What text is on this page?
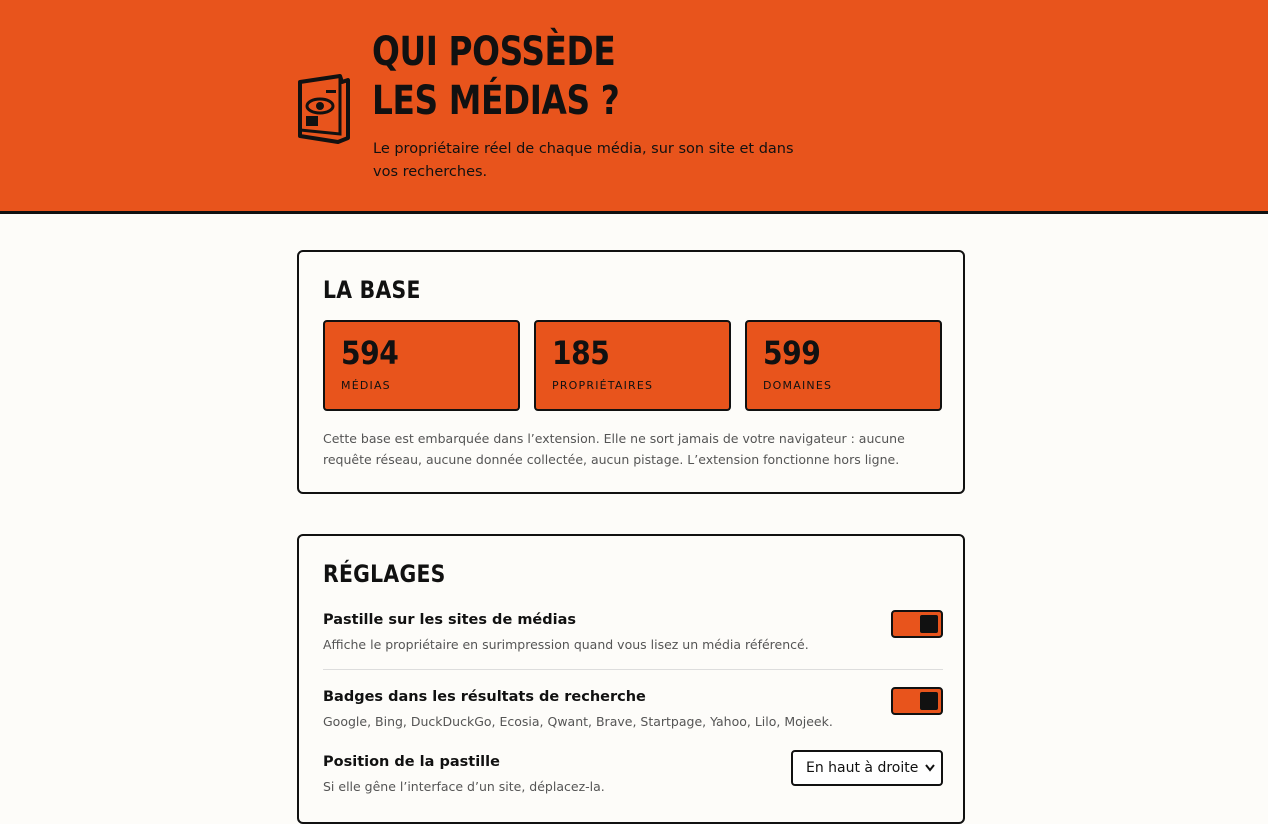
QUI POSSÈDE
LES MÉDIAS ?

Le propriétaire réel de chaque média, sur son site et dans vos recherches.

LA BASE
594
MÉDIAS
185
PROPRIÉTAIRES
599
DOMAINES

Cette base est embarquée dans l’extension. Elle ne sort jamais de votre navigateur : aucune requête réseau, aucune donnée collectée, aucun pistage. L’extension fonctionne hors ligne.

RÉGLAGES

Pastille sur les sites de médias

Affiche le propriétaire en surimpression quand vous lisez un média référencé.

Badges dans les résultats de recherche

Google, Bing, DuckDuckGo, Ecosia, Qwant, Brave, Startpage, Yahoo, Lilo, Mojeek.

Position de la pastille

Si elle gêne l’interface d’un site, déplacez-la.

En haut à droite
